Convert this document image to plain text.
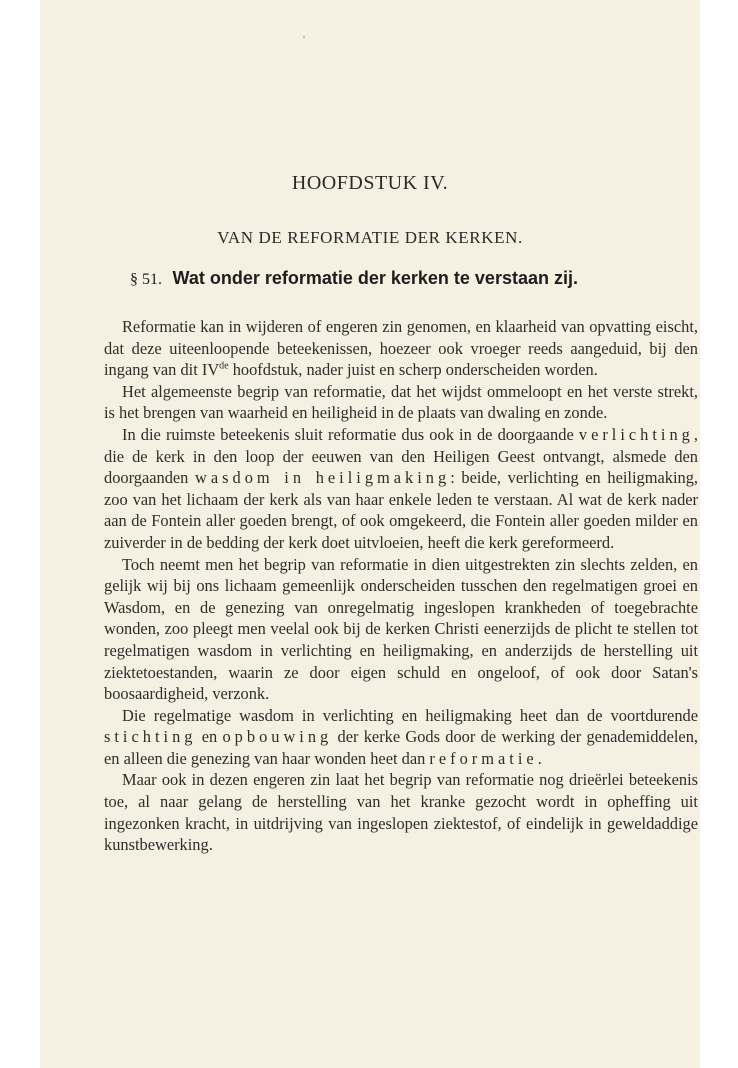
HOOFDSTUK IV.
VAN DE REFORMATIE DER KERKEN.
§ 51. Wat onder reformatie der kerken te verstaan zij.

Reformatie kan in wijderen of engeren zin genomen, en klaarheid van opvatting eischt, dat deze uiteenloopende beteekenissen, hoezeer ook vroeger reeds aangeduid, bij den ingang van dit IVde hoofdstuk, nader juist en scherp onderscheiden worden.

Het algemeenste begrip van reformatie, dat het wijdst ommeloopt en het verste strekt, is het brengen van waarheid en heiligheid in de plaats van dwaling en zonde.

In die ruimste beteekenis sluit reformatie dus ook in de doorgaande verlichting, die de kerk in den loop der eeuwen van den Heiligen Geest ontvangt, alsmede den doorgaanden wasdom in heiligmaking: beide, verlichting en heiligmaking, zoo van het lichaam der kerk als van haar enkele leden te verstaan. Al wat de kerk nader aan de Fontein aller goeden brengt, of ook omgekeerd, die Fontein aller goeden milder en zuiverder in de bedding der kerk doet uitvloeien, heeft die kerk gereformeerd.

Toch neemt men het begrip van reformatie in dien uitgestrekten zin slechts zelden, en gelijk wij bij ons lichaam gemeenlijk onderscheiden tusschen den regelmatigen groei en Wasdom, en de genezing van onregelmatig ingeslopen krankheden of toegebrachte wonden, zoo pleegt men veelal ook bij de kerken Christi eenerzijds de plicht te stellen tot regelmatigen wasdom in verlichting en heiligmaking, en anderzijds de herstelling uit ziektetoestanden, waarin ze door eigen schuld en ongeloof, of ook door Satan's boosaardigheid, verzonk.

Die regelmatige wasdom in verlichting en heiligmaking heet dan de voortdurende stichting en opbouwing der kerke Gods door de werking der genademiddelen, en alleen die genezing van haar wonden heet dan reformatie.

Maar ook in dezen engeren zin laat het begrip van reformatie nog drieërlei beteekenis toe, al naar gelang de herstelling van het kranke gezocht wordt in opheffing uit ingezonken kracht, in uitdrijving van ingeslopen ziektestof, of eindelijk in geweldaddige kunstbewerking.
